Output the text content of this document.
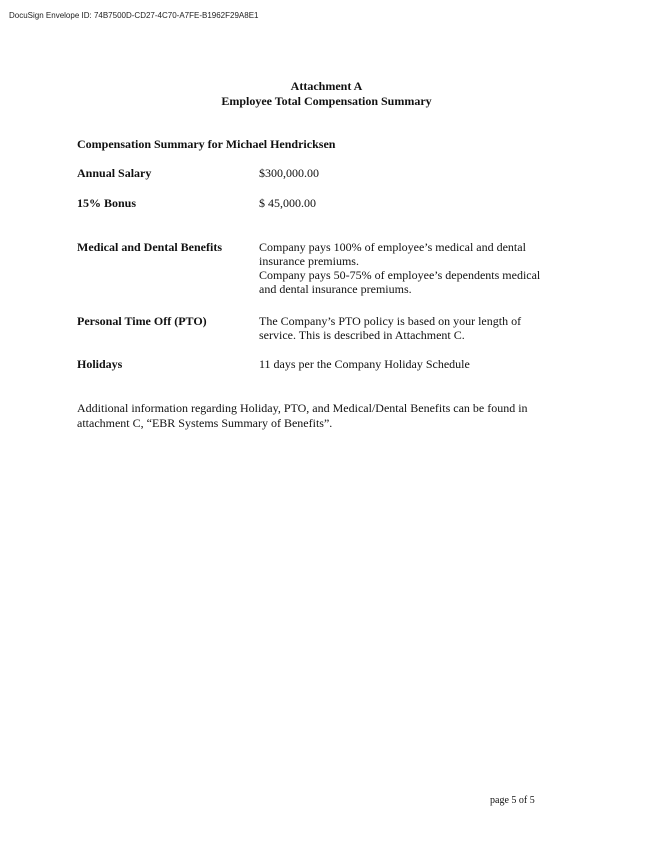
DocuSign Envelope ID: 74B7500D-CD27-4C70-A7FE-B1962F29A8E1
Attachment A
Employee Total Compensation Summary
Compensation Summary for Michael Hendricksen
Annual Salary	$300,000.00
15% Bonus	$ 45,000.00
Medical and Dental Benefits	Company pays 100% of employee’s medical and dental
insurance premiums.
Company pays 50-75% of employee’s dependents medical
and dental insurance premiums.
Personal Time Off (PTO)	The Company’s PTO policy is based on your length of
service. This is described in Attachment C.
Holidays	11 days per the Company Holiday Schedule
Additional information regarding Holiday, PTO, and Medical/Dental Benefits can be found in
attachment C, “EBR Systems Summary of Benefits”.
page 5 of 5
